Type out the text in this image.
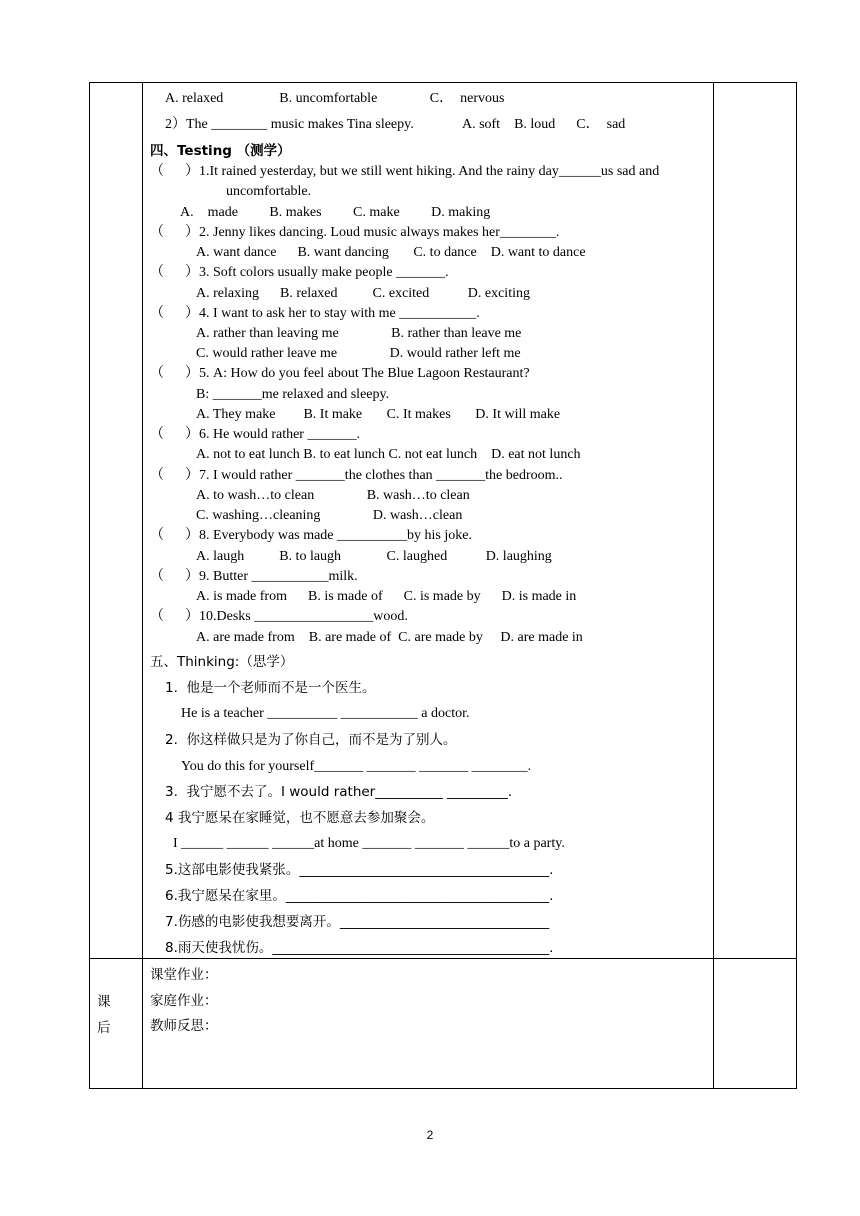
A. relaxed                B. uncomfortable               C．  nervous
2）The ________ music makes Tina sleepy.              A. soft    B. loud      C．  sad
四、Testing （测学）
（      ）1.It rained yesterday, but we still went hiking. And the rainy day______us sad and
uncomfortable.
A.    made         B. makes         C. make         D. making
（      ）2. Jenny likes dancing. Loud music always makes her________.
A. want dance      B. want dancing       C. to dance    D. want to dance
（      ）3. Soft colors usually make people _______.
A. relaxing      B. relaxed          C. excited           D. exciting
（      ）4. I want to ask her to stay with me ___________.
A. rather than leaving me               B. rather than leave me
C. would rather leave me               D. would rather left me
（      ）5. A: How do you feel about The Blue Lagoon Restaurant?
B: _______me relaxed and sleepy.
A. They make        B. It make       C. It makes       D. It will make
（      ）6. He would rather _______.
A. not to eat lunch B. to eat lunch C. not eat lunch    D. eat not lunch
（      ）7. I would rather _______the clothes than _______the bedroom..
A. to wash…to clean               B. wash…to clean
C. washing…cleaning               D. wash…clean
（      ）8. Everybody was made __________by his joke.
A. laugh          B. to laugh             C. laughed           D. laughing
（      ）9. Butter ___________milk.
A. is made from      B. is made of      C. is made by      D. is made in
（      ）10.Desks _________________wood.
A. are made from    B. are made of  C. are made by     D. are made in
五、Thinking:（思学）
1.  他是一个老师而不是一个医生。
He is a teacher __________ ___________ a doctor.
2.  你这样做只是为了你自己，而不是为了别人。
You do this for yourself_______ _______ _______ ________.
3.  我宁愿不去了。I would rather__________ _________.
4 我宁愿呆在家睡觉，也不愿意去参加聚会。
I ______ ______ ______at home _______ _______ ______to a party.
5.这部电影使我紧张。_____________________________________.
6.我宁愿呆在家里。_______________________________________.
7.伤感的电影使我想要离开。_______________________________
8.雨天使我忧伤。_________________________________________.
课
后
课堂作业：
家庭作业：
教师反思：
2
